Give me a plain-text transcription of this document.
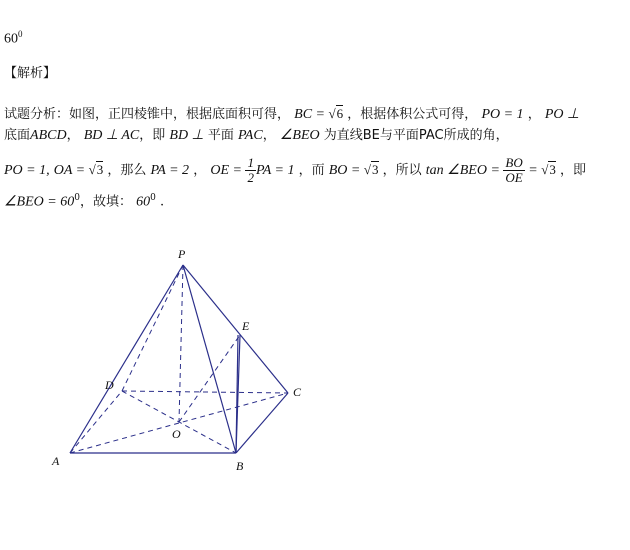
$60^0$
【解析】
试题分析：如图，正四棱锥中，根据底面积可得， BC = √6 ，根据体积公式可得， PO = 1 ， PO ⊥
底面ABCD， BD ⊥ AC，即 BD ⊥ 平面 PAC， ∠BEO 为直线BE与平面PAC所成的角，
PO = 1, OA = √3 ，那么 PA = 2 ， OE = $\frac{1}{2}$ PA = 1 ，而 BO = √3 ，所以 tan ∠BEO = $\frac{BO}{OE} = √3$ ，即
∠BEO = $60^0$，故填： $60^0$ .
P
E
D	C
O
A	B
